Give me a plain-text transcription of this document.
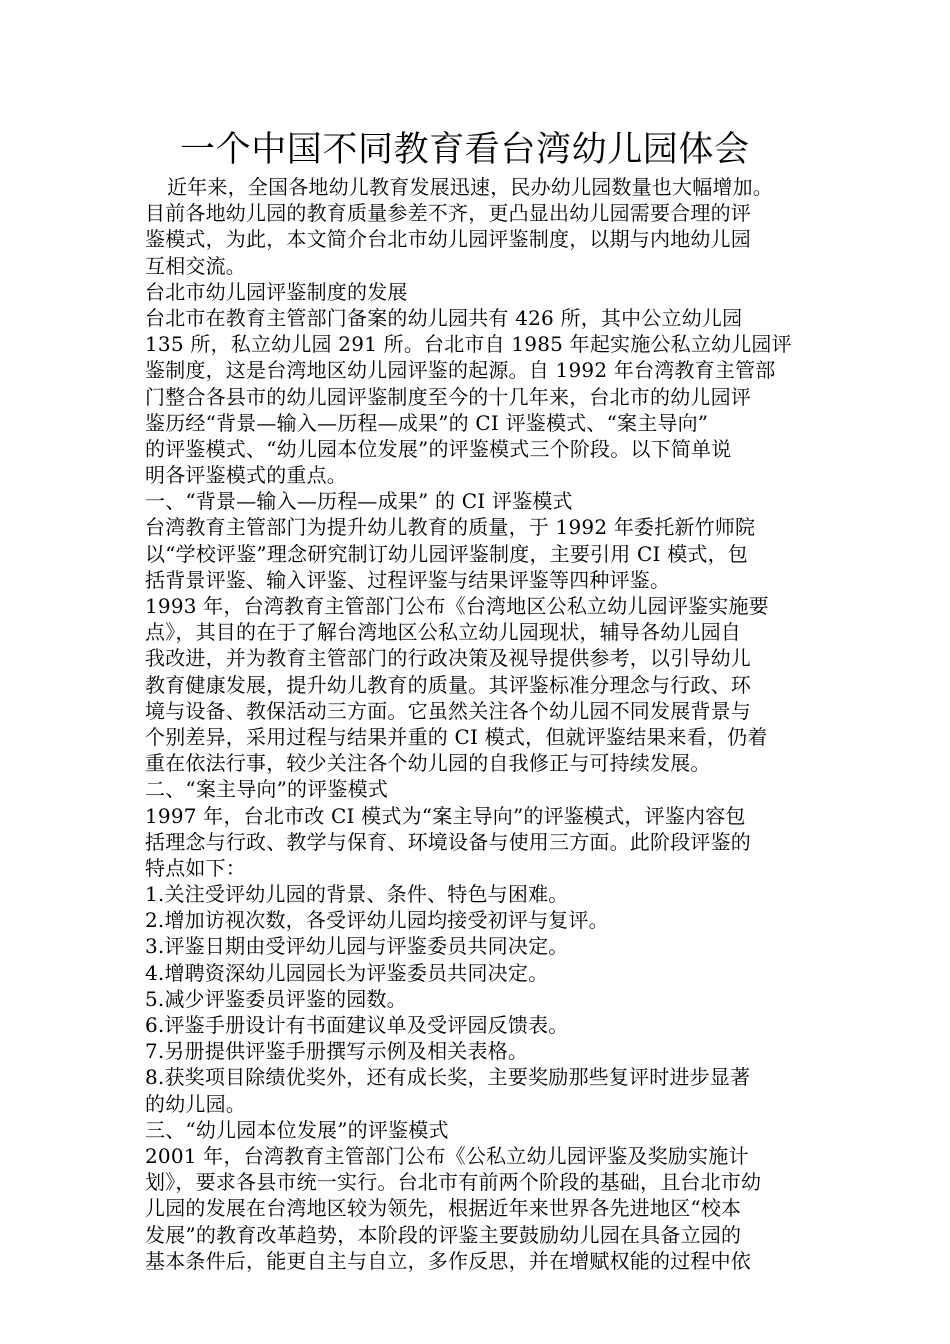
一个中国不同教育看台湾幼儿园体会
近年来，全国各地幼儿教育发展迅速，民办幼儿园数量也大幅增加。
目前各地幼儿园的教育质量参差不齐，更凸显出幼儿园需要合理的评
鉴模式，为此，本文简介台北市幼儿园评鉴制度，以期与内地幼儿园
互相交流。
台北市幼儿园评鉴制度的发展
台北市在教育主管部门备案的幼儿园共有 426 所，其中公立幼儿园
135 所，私立幼儿园 291 所。台北市自 1985 年起实施公私立幼儿园评
鉴制度，这是台湾地区幼儿园评鉴的起源。自 1992 年台湾教育主管部
门整合各县市的幼儿园评鉴制度至今的十几年来，台北市的幼儿园评
鉴历经“背景—输入—历程—成果”的 CI 评鉴模式、“案主导向”
的评鉴模式、“幼儿园本位发展”的评鉴模式三个阶段。以下简单说
明各评鉴模式的重点。
一、“背景—输入—历程—成果” 的 CI 评鉴模式
台湾教育主管部门为提升幼儿教育的质量，于 1992 年委托新竹师院
以“学校评鉴”理念研究制订幼儿园评鉴制度，主要引用 CI 模式，包
括背景评鉴、输入评鉴、过程评鉴与结果评鉴等四种评鉴。
1993 年，台湾教育主管部门公布《台湾地区公私立幼儿园评鉴实施要
点》，其目的在于了解台湾地区公私立幼儿园现状，辅导各幼儿园自
我改进，并为教育主管部门的行政决策及视导提供参考，以引导幼儿
教育健康发展，提升幼儿教育的质量。其评鉴标准分理念与行政、环
境与设备、教保活动三方面。它虽然关注各个幼儿园不同发展背景与
个别差异，采用过程与结果并重的 CI 模式，但就评鉴结果来看，仍着
重在依法行事，较少关注各个幼儿园的自我修正与可持续发展。
二、“案主导向”的评鉴模式
1997 年，台北市改 CI 模式为“案主导向”的评鉴模式，评鉴内容包
括理念与行政、教学与保育、环境设备与使用三方面。此阶段评鉴的
特点如下：
1.关注受评幼儿园的背景、条件、特色与困难。
2.增加访视次数，各受评幼儿园均接受初评与复评。
3.评鉴日期由受评幼儿园与评鉴委员共同决定。
4.增聘资深幼儿园园长为评鉴委员共同决定。
5.减少评鉴委员评鉴的园数。
6.评鉴手册设计有书面建议单及受评园反馈表。
7.另册提供评鉴手册撰写示例及相关表格。
8.获奖项目除绩优奖外，还有成长奖，主要奖励那些复评时进步显著
的幼儿园。
三、“幼儿园本位发展”的评鉴模式
2001 年，台湾教育主管部门公布《公私立幼儿园评鉴及奖励实施计
划》，要求各县市统一实行。台北市有前两个阶段的基础，且台北市幼
儿园的发展在台湾地区较为领先，根据近年来世界各先进地区“校本
发展”的教育改革趋势，本阶段的评鉴主要鼓励幼儿园在具备立园的
基本条件后，能更自主与自立，多作反思，并在增赋权能的过程中依
